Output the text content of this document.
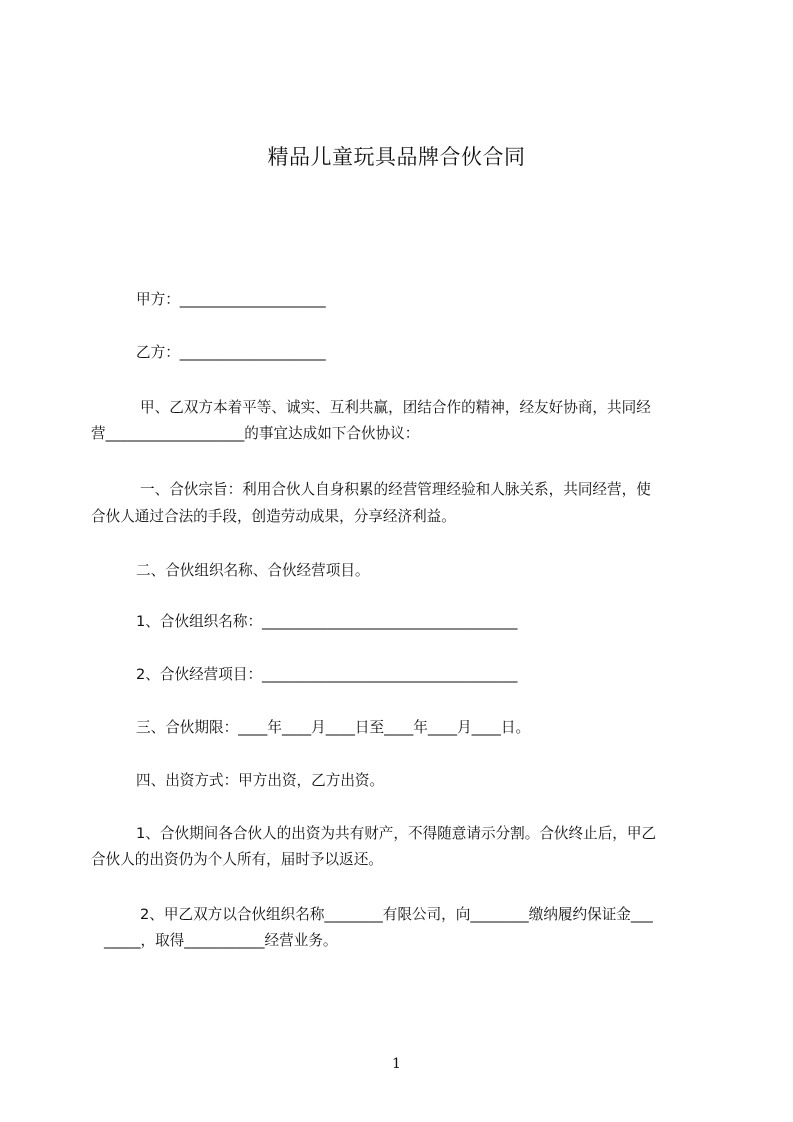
精品儿童玩具品牌合伙合同
甲方：____________________
乙方：____________________
甲、乙双方本着平等、诚实、互利共赢，团结合作的精神，经友好协商，共同经
营___________________的事宜达成如下合伙协议：
一、合伙宗旨：利用合伙人自身积累的经营管理经验和人脉关系，共同经营，使
合伙人通过合法的手段，创造劳动成果，分享经济利益。
二、合伙组织名称、合伙经营项目。
1、合伙组织名称：___________________________________
2、合伙经营项目：___________________________________
三、合伙期限：____年____月____日至____年____月____日。
四、出资方式：甲方出资，乙方出资。
1、合伙期间各合伙人的出资为共有财产，不得随意请示分割。合伙终止后，甲乙
合伙人的出资仍为个人所有，届时予以返还。
2、甲乙双方以合伙组织名称________有限公司，向________缴纳履约保证金___
_____，取得___________经营业务。
1
